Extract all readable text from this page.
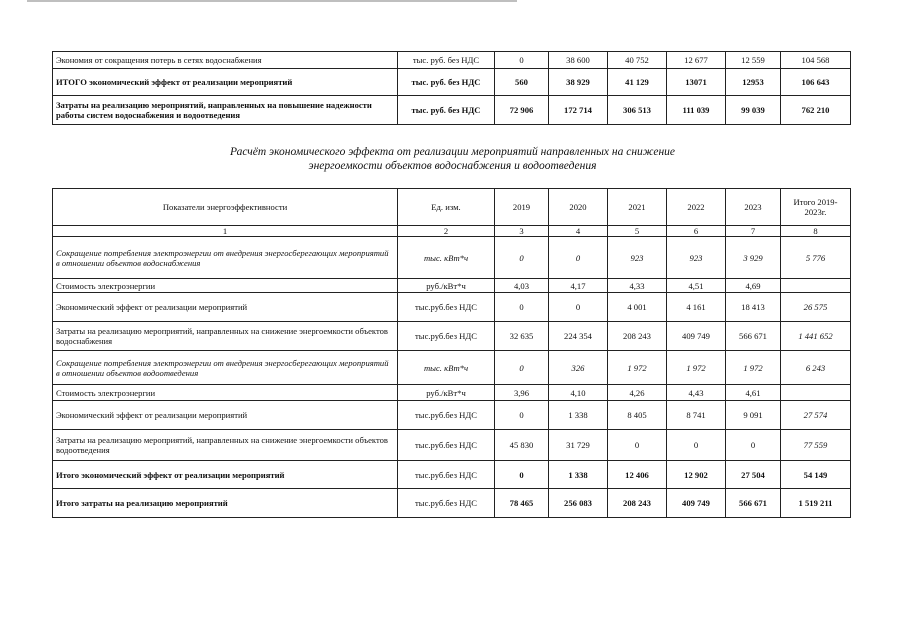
Экономия от сокращения потерь в сетях водоснабжения	тыс. руб. без НДС	0	38 600	40 752	12 677	12 559	104 568
ИТОГО экономический эффект от реализации мероприятий	тыс. руб. без НДС	560	38 929	41 129	13071	12953	106 643
Затраты на реализацию мероприятий, направленных на повышение надежности работы систем водоснабжения и водоотведения	тыс. руб. без НДС	72 906	172 714	306 513	111 039	99 039	762 210
Расчёт экономического эффекта от реализации мероприятий направленных на снижение
энергоемкости объектов водоснабжения и водоотведения
Показатели энергоэффективности	Ед. изм.	2019	2020	2021	2022	2023	Итого 2019-2023г.
1	2	3	4	5	6	7	8
Сокращение потребления электроэнергии от внедрения энергосберегающих мероприятий в отношении объектов водоснабжения	тыс. кВт*ч	0	0	923	923	3 929	5 776
Стоимость электроэнергии	руб./кВт*ч	4,03	4,17	4,33	4,51	4,69	
Экономический эффект от реализации мероприятий	тыс.руб.без НДС	0	0	4 001	4 161	18 413	26 575
Затраты на реализацию мероприятий, направленных на снижение энергоемкости объектов водоснабжения	тыс.руб.без НДС	32 635	224 354	208 243	409 749	566 671	1 441 652
Сокращение потребления электроэнергии от внедрения энергосберегающих мероприятий в отношении объектов водоотведения	тыс. кВт*ч	0	326	1 972	1 972	1 972	6 243
Стоимость электроэнергии	руб./кВт*ч	3,96	4,10	4,26	4,43	4,61	
Экономический эффект от реализации мероприятий	тыс.руб.без НДС	0	1 338	8 405	8 741	9 091	27 574
Затраты на реализацию мероприятий, направленных на снижение энергоемкости объектов водоотведения	тыс.руб.без НДС	45 830	31 729	0	0	0	77 559
Итого экономический эффект от реализации мероприятий	тыс.руб.без НДС	0	1 338	12 406	12 902	27 504	54 149
Итого затраты на реализацию мероприятий	тыс.руб.без НДС	78 465	256 083	208 243	409 749	566 671	1 519 211
